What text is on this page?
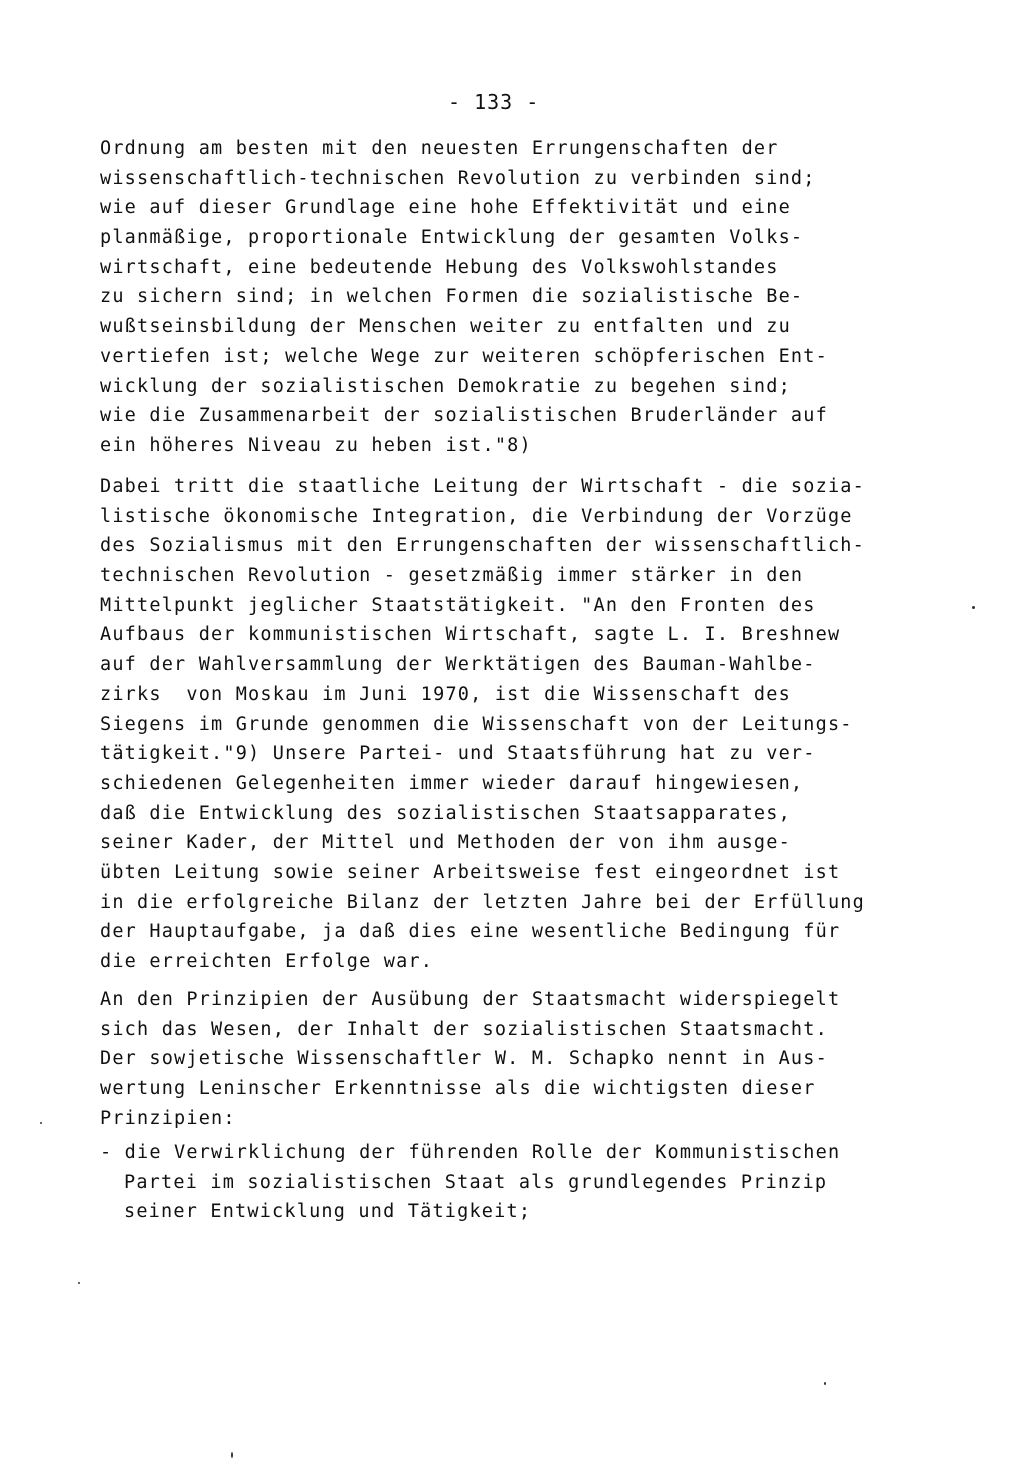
- 133 -
Ordnung am besten mit den neuesten Errungenschaften der
wissenschaftlich-technischen Revolution zu verbinden sind;
wie auf dieser Grundlage eine hohe Effektivität und eine
planmäßige, proportionale Entwicklung der gesamten Volks-
wirtschaft, eine bedeutende Hebung des Volkswohlstandes
zu sichern sind; in welchen Formen die sozialistische Be-
wußtseinsbildung der Menschen weiter zu entfalten und zu
vertiefen ist; welche Wege zur weiteren schöpferischen Ent-
wicklung der sozialistischen Demokratie zu begehen sind;
wie die Zusammenarbeit der sozialistischen Bruderländer auf
ein höheres Niveau zu heben ist."8)
Dabei tritt die staatliche Leitung der Wirtschaft - die sozia-
listische ökonomische Integration, die Verbindung der Vorzüge
des Sozialismus mit den Errungenschaften der wissenschaftlich-
technischen Revolution - gesetzmäßig immer stärker in den
Mittelpunkt jeglicher Staatstätigkeit. "An den Fronten des
Aufbaus der kommunistischen Wirtschaft, sagte L. I. Breshnew
auf der Wahlversammlung der Werktätigen des Bauman-Wahlbe-
zirks  von Moskau im Juni 1970, ist die Wissenschaft des
Siegens im Grunde genommen die Wissenschaft von der Leitungs-
tätigkeit."9) Unsere Partei- und Staatsführung hat zu ver-
schiedenen Gelegenheiten immer wieder darauf hingewiesen,
daß die Entwicklung des sozialistischen Staatsapparates,
seiner Kader, der Mittel und Methoden der von ihm ausge-
übten Leitung sowie seiner Arbeitsweise fest eingeordnet ist
in die erfolgreiche Bilanz der letzten Jahre bei der Erfüllung
der Hauptaufgabe, ja daß dies eine wesentliche Bedingung für
die erreichten Erfolge war.
An den Prinzipien der Ausübung der Staatsmacht widerspiegelt
sich das Wesen, der Inhalt der sozialistischen Staatsmacht.
Der sowjetische Wissenschaftler W. M. Schapko nennt in Aus-
wertung Leninscher Erkenntnisse als die wichtigsten dieser
Prinzipien:
- die Verwirklichung der führenden Rolle der Kommunistischen
Partei im sozialistischen Staat als grundlegendes Prinzip
seiner Entwicklung und Tätigkeit;
